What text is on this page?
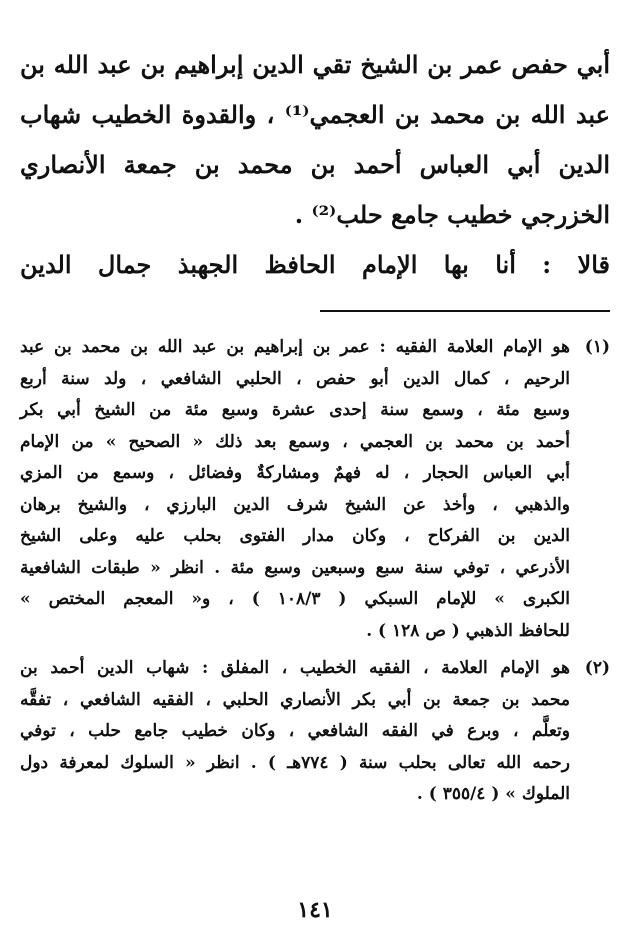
أبي حفص عمر بن الشيخ تقي الدين إبراهيم بن عبد الله بن
عبد الله بن محمد بن العجمي⁽¹⁾ ، والقدوة الخطيب شهاب
الدين أبي العباس أحمد بن محمد بن جمعة الأنصاري
الخزرجي خطيب جامع حلب⁽²⁾ .
قالا : أنا بها الإمام الحافظ الجهبذ جمال الدين
(١)
هو الإمام العلامة الفقيه : عمر بن إبراهيم بن عبد الله بن محمد بن عبد
الرحيم ، كمال الدين أبو حفص ، الحلبي الشافعي ، ولد سنة أربع
وسبع مئة ، وسمع سنة إحدى عشرة وسبع مئة من الشيخ أبي بكر
أحمد بن محمد بن العجمي ، وسمع بعد ذلك « الصحيح » من الإمام
أبي العباس الحجار ، له فهمٌ ومشاركةٌ وفضائل ، وسمع من المزي
والذهبي ، وأخذ عن الشيخ شرف الدين البارزي ، والشيخ برهان
الدين بن الفركاح ، وكان مدار الفتوى بحلب عليه وعلى الشيخ
الأذرعي ، توفي سنة سبع وسبعين وسبع مئة . انظر « طبقات الشافعية
الكبرى » للإمام السبكي ( ١٠٨/٣ ) ، و« المعجم المختص »
للحافظ الذهبي ( ص ١٢٨ ) .
(٢)
هو الإمام العلامة ، الفقيه الخطيب ، المفلق : شهاب الدين أحمد بن
محمد بن جمعة بن أبي بكر الأنصاري الحلبي ، الفقيه الشافعي ، تفقَّه
وتعلَّم ، وبرع في الفقه الشافعي ، وكان خطيب جامع حلب ، توفي
رحمه الله تعالى بحلب سنة ( ٧٧٤هـ ) . انظر « السلوك لمعرفة دول
الملوك » ( ٣٥٥/٤ ) .
١٤١
